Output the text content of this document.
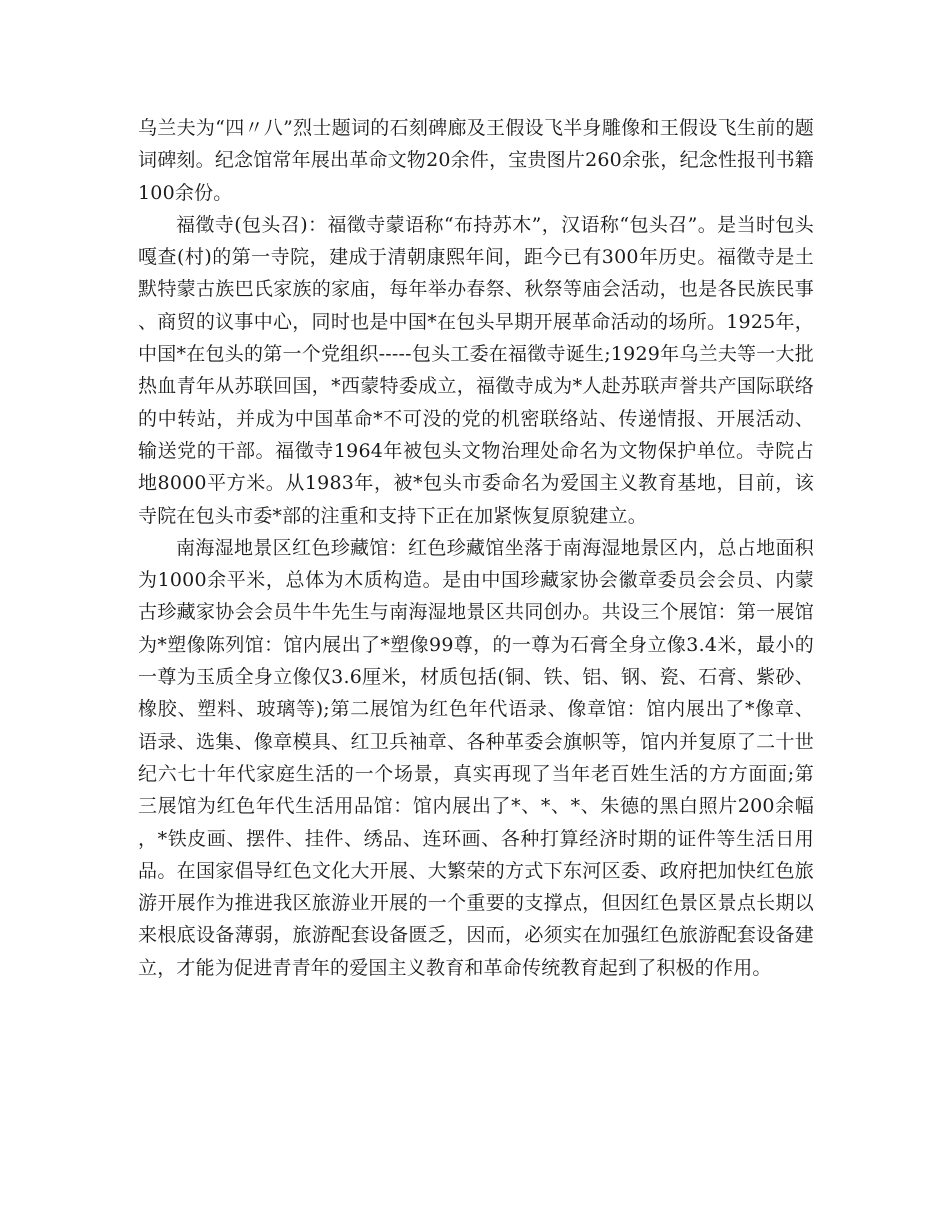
乌兰夫为“四〃八”烈士题词的石刻碑廊及王假设飞半身雕像和王假设飞生前的题词碑刻。纪念馆常年展出革命文物20余件，宝贵图片260余张，纪念性报刊书籍100余份。

福徵寺(包头召)：福徵寺蒙语称“布持苏木”，汉语称“包头召”。是当时包头嘎查(村)的第一寺院，建成于清朝康熙年间，距今已有300年历史。福徵寺是土默特蒙古族巴氏家族的家庙，每年举办春祭、秋祭等庙会活动，也是各民族民事、商贸的议事中心，同时也是中国*在包头早期开展革命活动的场所。1925年，中国*在包头的第一个党组织-----包头工委在福徵寺诞生;1929年乌兰夫等一大批热血青年从苏联回国，*西蒙特委成立，福徵寺成为*人赴苏联声誉共产国际联络的中转站，并成为中国革命*不可没的党的机密联络站、传递情报、开展活动、输送党的干部。福徵寺1964年被包头文物治理处命名为文物保护单位。寺院占地8000平方米。从1983年，被*包头市委命名为爱国主义教育基地，目前，该寺院在包头市委*部的注重和支持下正在加紧恢复原貌建立。

南海湿地景区红色珍藏馆：红色珍藏馆坐落于南海湿地景区内，总占地面积为1000余平米，总体为木质构造。是由中国珍藏家协会徽章委员会会员、内蒙古珍藏家协会会员牛牛先生与南海湿地景区共同创办。共设三个展馆：第一展馆为*塑像陈列馆：馆内展出了*塑像99尊，的一尊为石膏全身立像3.4米，最小的一尊为玉质全身立像仅3.6厘米，材质包括(铜、铁、铝、钢、瓷、石膏、紫砂、橡胶、塑料、玻璃等);第二展馆为红色年代语录、像章馆：馆内展出了*像章、语录、选集、像章模具、红卫兵袖章、各种革委会旗帜等，馆内并复原了二十世纪六七十年代家庭生活的一个场景，真实再现了当年老百姓生活的方方面面;第三展馆为红色年代生活用品馆：馆内展出了*、*、*、朱德的黑白照片200余幅，*铁皮画、摆件、挂件、绣品、连环画、各种打算经济时期的证件等生活日用品。在国家倡导红色文化大开展、大繁荣的方式下东河区委、政府把加快红色旅游开展作为推进我区旅游业开展的一个重要的支撑点，但因红色景区景点长期以来根底设备薄弱，旅游配套设备匮乏，因而，必须实在加强红色旅游配套设备建立，才能为促进青青年的爱国主义教育和革命传统教育起到了积极的作用。
